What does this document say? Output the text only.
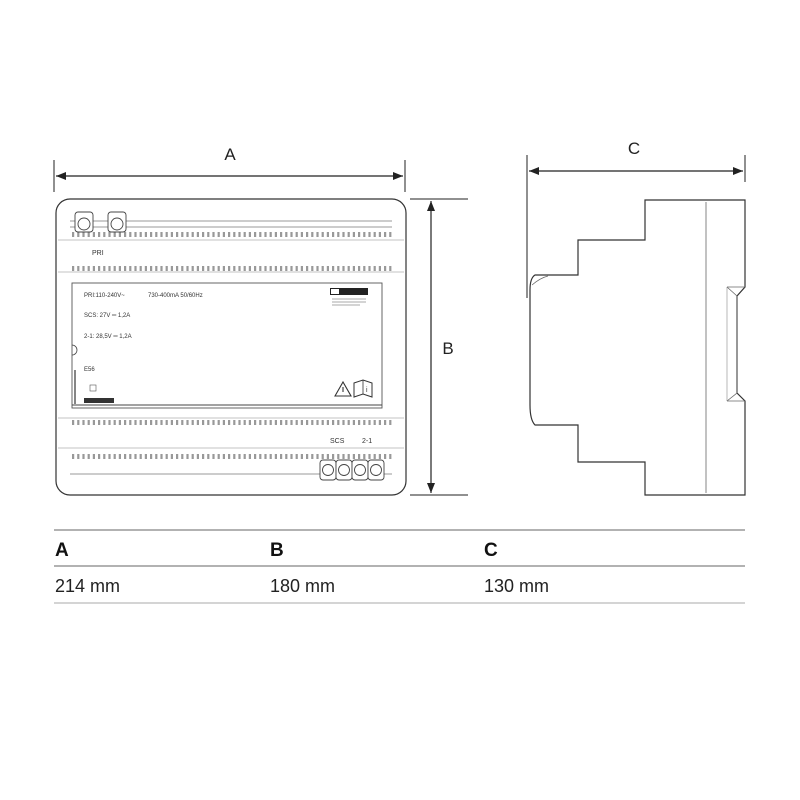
A
B
C
PRI
PRI:110-240V~	730-400mA 50/60Hz
SCS: 27V ═ 1,2A
2-1: 28,5V ═ 1,2A
E56
i
SCS	2-1
A	B	C
214 mm	180 mm	130 mm
